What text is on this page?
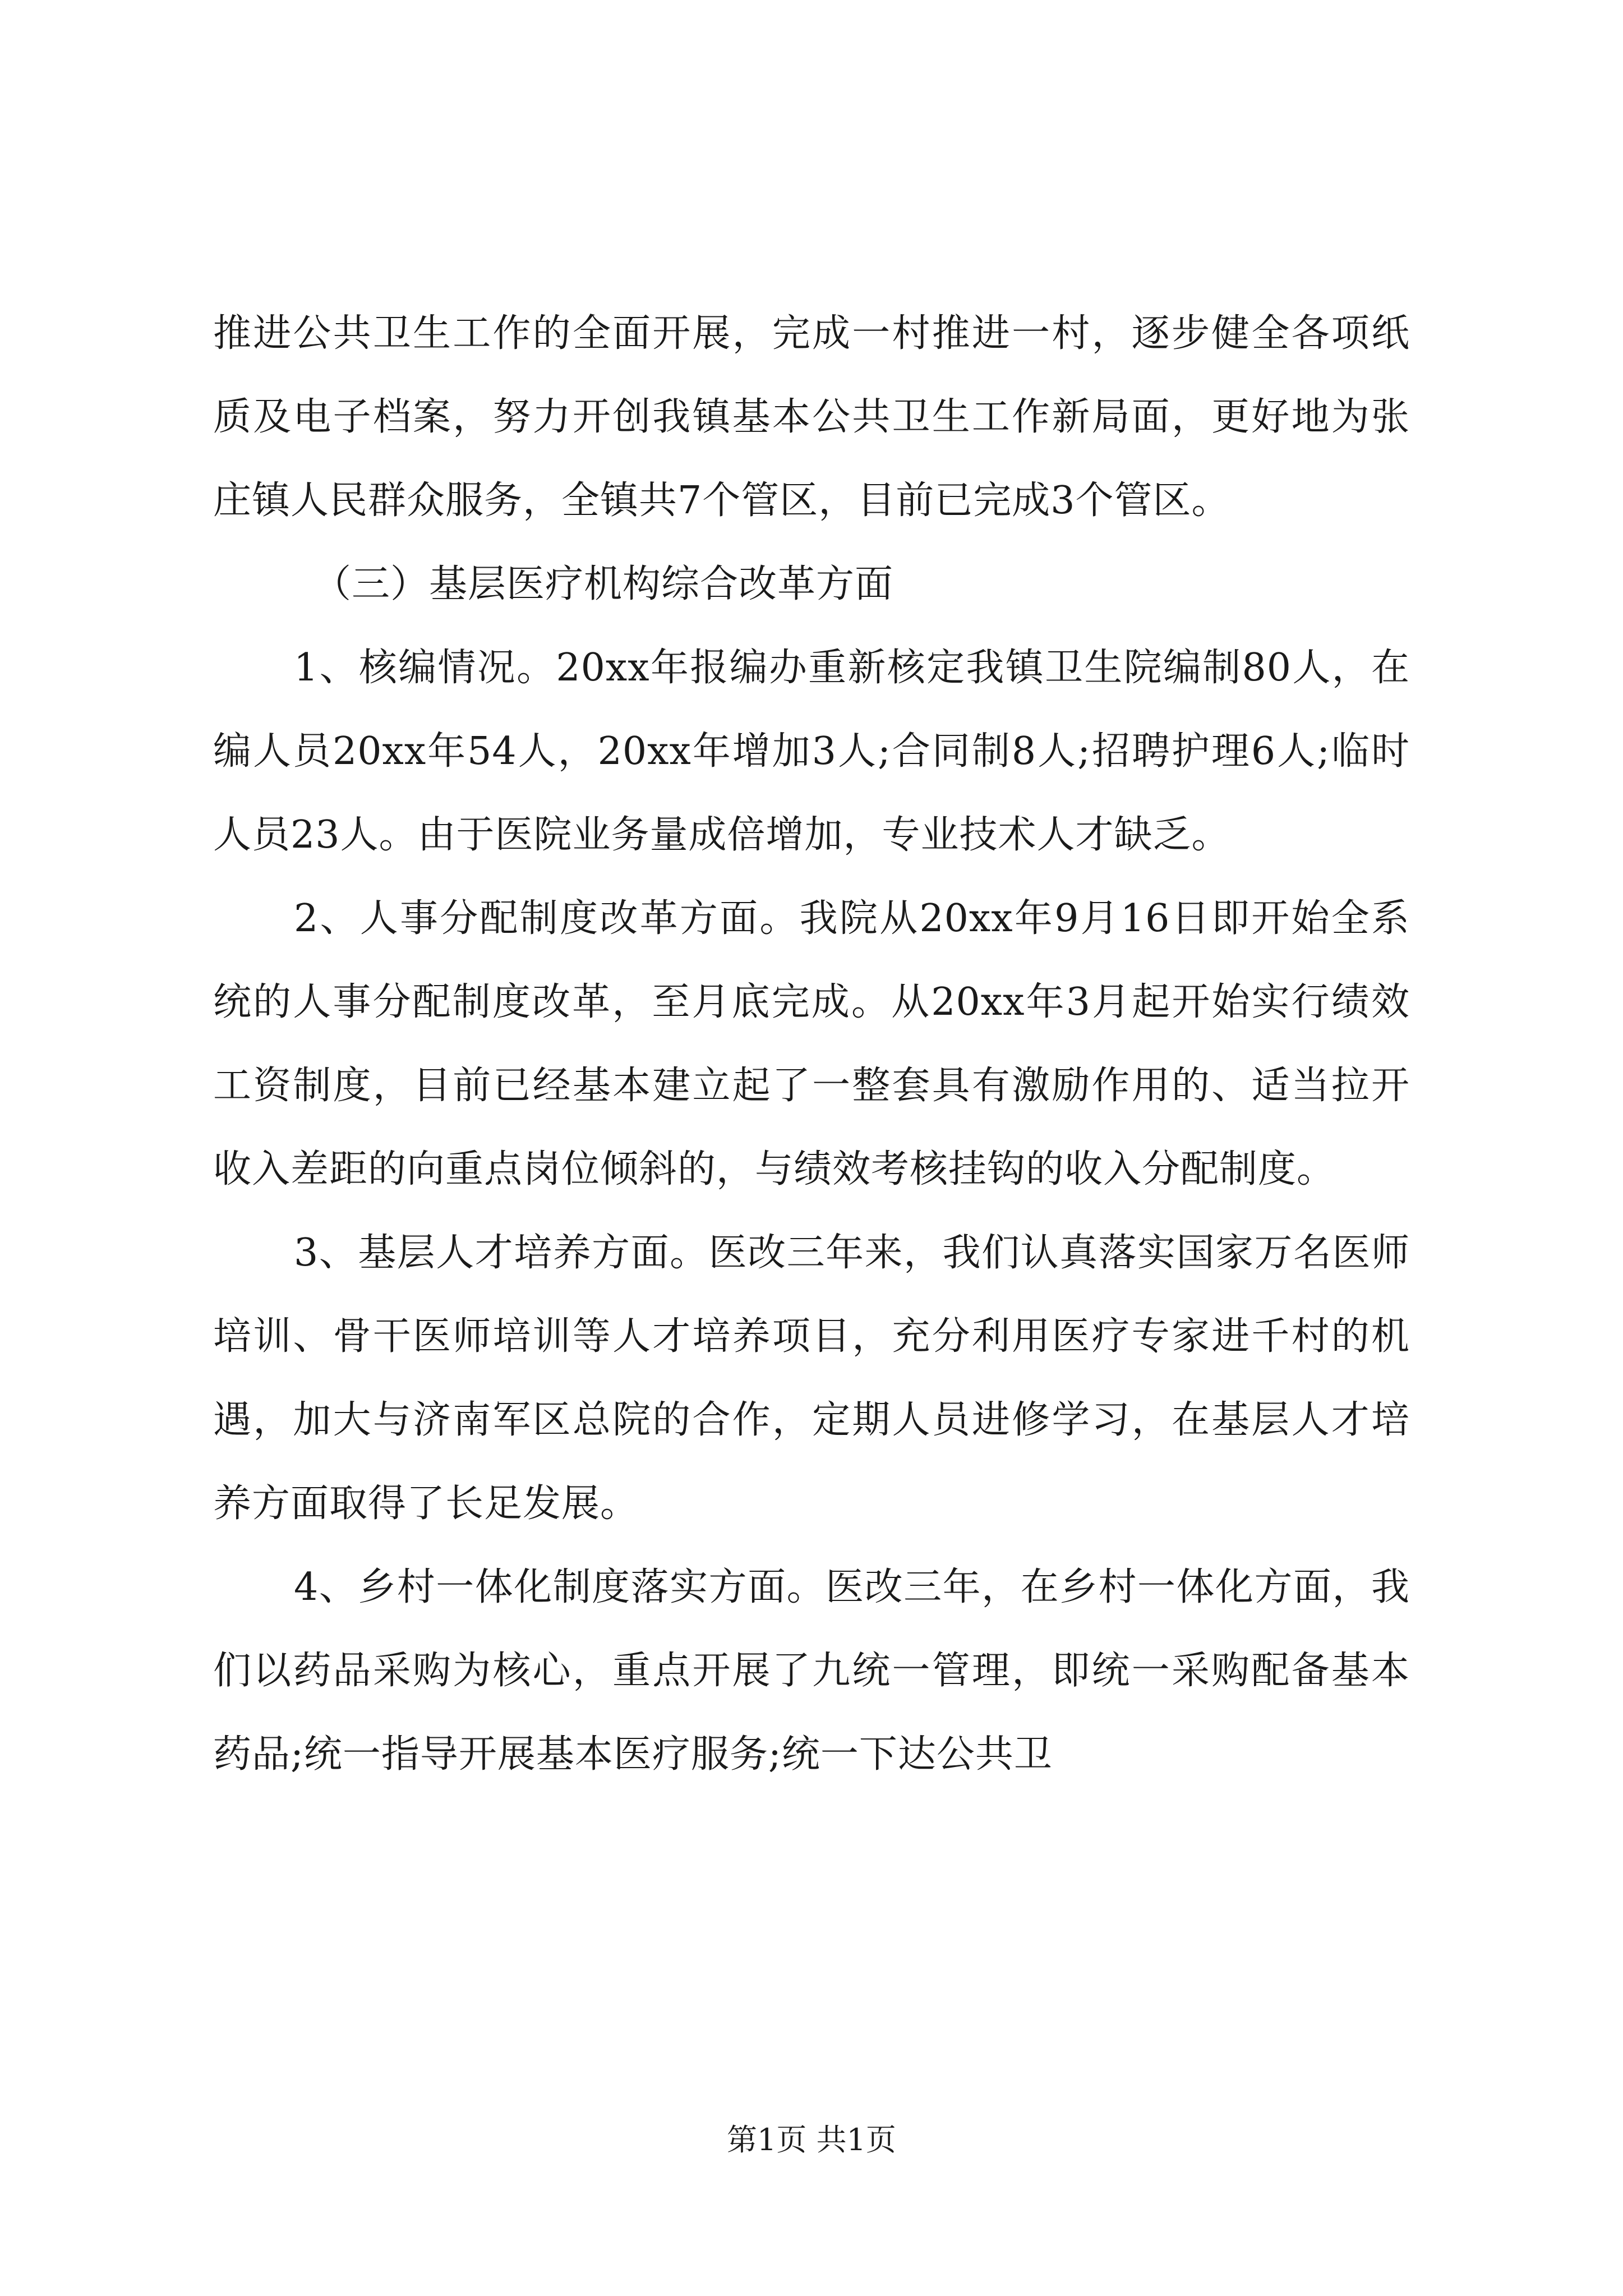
推进公共卫生工作的全面开展，完成一村推进一村，逐步健全各项纸质及电子档案，努力开创我镇基本公共卫生工作新局面，更好地为张庄镇人民群众服务，全镇共7个管区，目前已完成3个管区。

（三）基层医疗机构综合改革方面

1、核编情况。20xx年报编办重新核定我镇卫生院编制80人，在编人员20xx年54人，20xx年增加3人;合同制8人;招聘护理6人;临时人员23人。由于医院业务量成倍增加，专业技术人才缺乏。

2、人事分配制度改革方面。我院从20xx年9月16日即开始全系统的人事分配制度改革，至月底完成。从20xx年3月起开始实行绩效工资制度，目前已经基本建立起了一整套具有激励作用的、适当拉开收入差距的向重点岗位倾斜的，与绩效考核挂钩的收入分配制度。

3、基层人才培养方面。医改三年来，我们认真落实国家万名医师培训、骨干医师培训等人才培养项目，充分利用医疗专家进千村的机遇，加大与济南军区总院的合作，定期人员进修学习，在基层人才培养方面取得了长足发展。

4、乡村一体化制度落实方面。医改三年，在乡村一体化方面，我们以药品采购为核心，重点开展了九统一管理，即统一采购配备基本药品;统一指导开展基本医疗服务;统一下达公共卫

第1页 共1页
